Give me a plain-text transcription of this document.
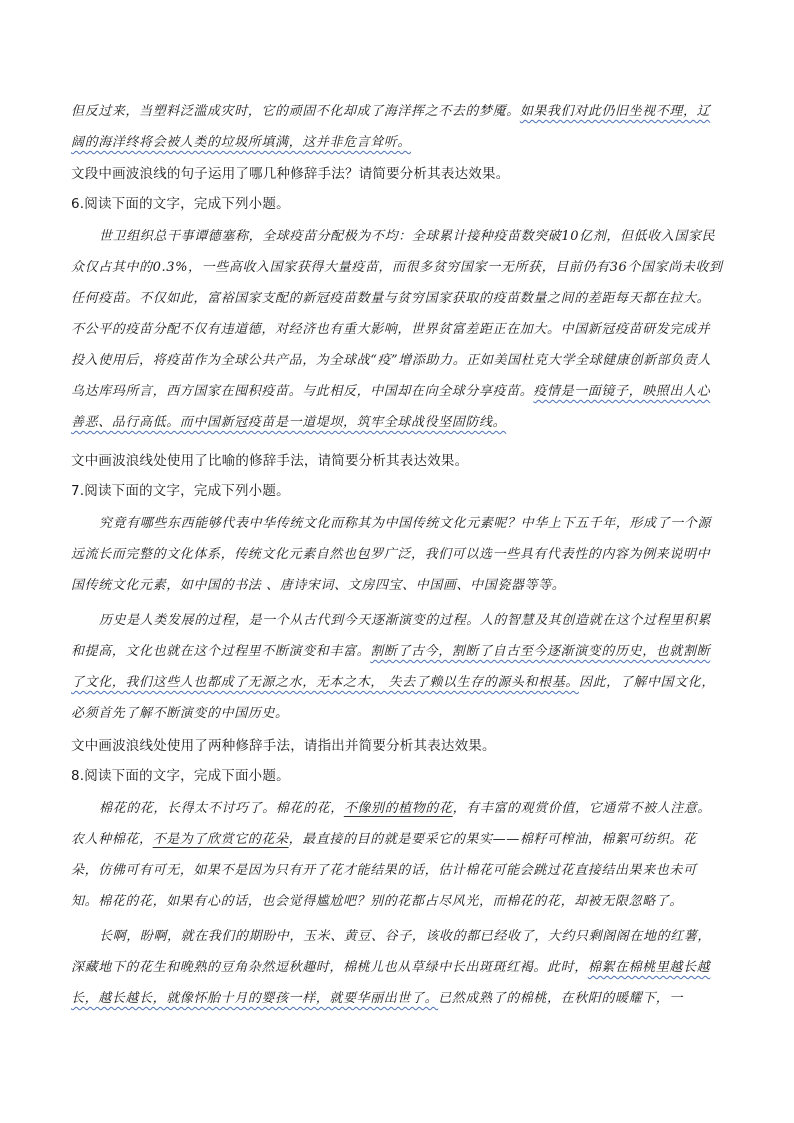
但反过来，当塑料泛滥成灾时，它的顽固不化却成了海洋挥之不去的梦魇。如果我们对此仍旧坐视不理，辽阔的海洋终将会被人类的垃圾所填满，这并非危言耸听。

文段中画波浪线的句子运用了哪几种修辞手法？请简要分析其表达效果。

6.阅读下面的文字，完成下列小题。

世卫组织总干事谭德塞称，全球疫苗分配极为不均：全球累计接种疫苗数突破10亿剂，但低收入国家民众仅占其中的0.3%，一些高收入国家获得大量疫苗，而很多贫穷国家一无所获，目前仍有36个国家尚未收到任何疫苗。不仅如此，富裕国家支配的新冠疫苗数量与贫穷国家获取的疫苗数量之间的差距每天都在拉大。不公平的疫苗分配不仅有违道德，对经济也有重大影响，世界贫富差距正在加大。中国新冠疫苗研发完成并投入使用后，将疫苗作为全球公共产品，为全球战“疫”增添助力。正如美国杜克大学全球健康创新部负责人乌达库玛所言，西方国家在囤积疫苗。与此相反，中国却在向全球分享疫苗。疫情是一面镜子，映照出人心善恶、品行高低。而中国新冠疫苗是一道堤坝，筑牢全球战役坚固防线。

文中画波浪线处使用了比喻的修辞手法，请简要分析其表达效果。

7.阅读下面的文字，完成下列小题。

究竟有哪些东西能够代表中华传统文化而称其为中国传统文化元素呢？中华上下五千年，形成了一个源远流长而完整的文化体系，传统文化元素自然也包罗广泛，我们可以选一些具有代表性的内容为例来说明中国传统文化元素，如中国的书法 、唐诗宋词、文房四宝、中国画、中国瓷器等等。

历史是人类发展的过程，是一个从古代到今天逐渐演变的过程。人的智慧及其创造就在这个过程里积累和提高，文化也就在这个过程里不断演变和丰富。割断了古今，割断了自古至今逐渐演变的历史，也就割断了文化，我们这些人也都成了无源之水，无本之木， 失去了赖以生存的源头和根基。因此，了解中国文化，必须首先了解不断演变的中国历史。

文中画波浪线处使用了两种修辞手法，请指出并简要分析其表达效果。

8.阅读下面的文字，完成下面小题。

棉花的花，长得太不讨巧了。棉花的花，不像别的植物的花，有丰富的观赏价值，它通常不被人注意。农人种棉花，不是为了欣赏它的花朵，最直接的目的就是要采它的果实——棉籽可榨油，棉絮可纺织。花朵，仿佛可有可无，如果不是因为只有开了花才能结果的话，估计棉花可能会跳过花直接结出果来也未可知。棉花的花，如果有心的话，也会觉得尴尬吧？别的花都占尽风光，而棉花的花，却被无限忽略了。

长啊，盼啊，就在我们的期盼中，玉米、黄豆、谷子，该收的都已经收了，大约只剩阁阁在地的红薯，深藏地下的花生和晚熟的豆角杂然逗秋趣时，棉桃儿也从草绿中长出斑斑红褐。此时，棉絮在棉桃里越长越长，越长越长，就像怀胎十月的婴孩一样，就要华丽出世了。已然成熟了的棉桃，在秋阳的暖耀下，一
